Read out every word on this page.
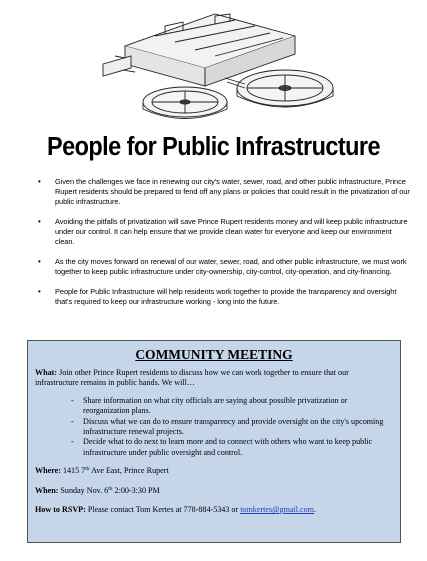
People for Public Infrastructure
• Given the challenges we face in renewing our city's water, sewer, road, and other public infrastructure, Prince Rupert residents should be prepared to fend off any plans or policies that could result in the privatization of our public infrastructure.
• Avoiding the pitfalls of privatization will save Prince Rupert residents money and will keep public infrastructure under our control. It can help ensure that we provide clean water for everyone and keep our environment clean.
• As the city moves forward on renewal of our water, sewer, road, and other public infrastructure, we must work together to keep public infrastructure under city-ownership, city-control, city-operation, and city-financing.
• People for Public Infrastructure will help residents work together to provide the transparency and oversight that's required to keep our infrastructure working - long into the future.
COMMUNITY MEETING

What: Join other Prince Rupert residents to discuss how we can work together to ensure that our infrastructure remains in public hands. We will…

- Share information on what city officials are saying about possible privatization or reorganization plans.
- Discuss what we can do to ensure transparency and provide oversight on the city's upcoming infrastructure renewal projects.
- Decide what to do next to learn more and to connect with others who want to keep public infrastructure under public oversight and control.

Where: 1415 7th Ave East, Prince Rupert

When: Sunday Nov. 6th 2:00-3:30 PM

How to RSVP: Please contact Tom Kertes at 778-884-5343 or tomkertes@gmail.com.
